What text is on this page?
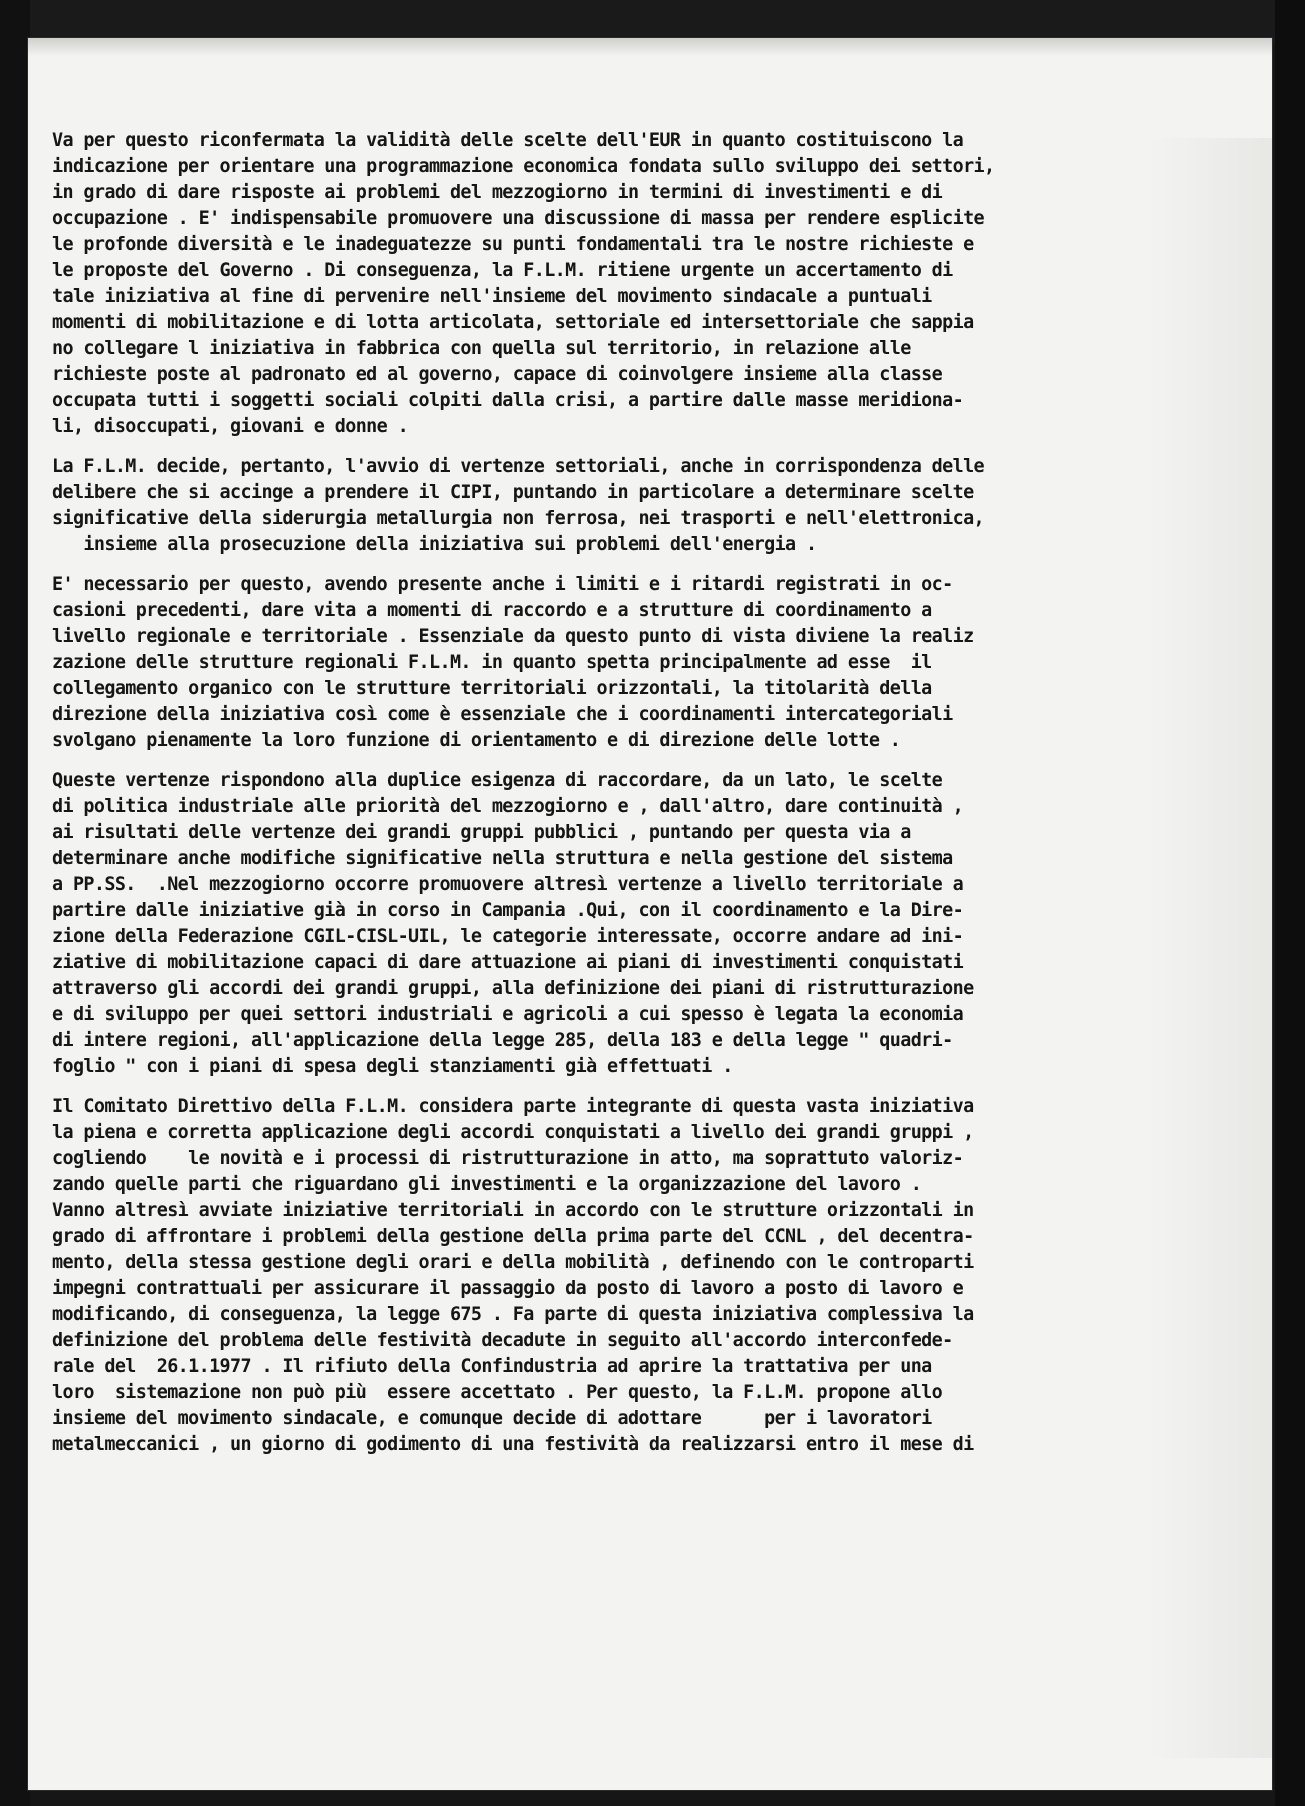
Va per questo riconfermata la validità delle scelte dell'EUR in quanto costituiscono la
indicazione per orientare una programmazione economica fondata sullo sviluppo dei settori,
in grado di dare risposte ai problemi del mezzogiorno in termini di investimenti e di
occupazione . E' indispensabile promuovere una discussione di massa per rendere esplicite
le profonde diversità e le inadeguatezze su punti fondamentali tra le nostre richieste e
le proposte del Governo . Di conseguenza, la F.L.M. ritiene urgente un accertamento di
tale iniziativa al fine di pervenire nell'insieme del movimento sindacale a puntuali
momenti di mobilitazione e di lotta articolata, settoriale ed intersettoriale che sappia
no collegare l iniziativa in fabbrica con quella sul territorio, in relazione alle
richieste poste al padronato ed al governo, capace di coinvolgere insieme alla classe
occupata tutti i soggetti sociali colpiti dalla crisi, a partire dalle masse meridiona-
li, disoccupati, giovani e donne .
La F.L.M. decide, pertanto, l'avvio di vertenze settoriali, anche in corrispondenza delle
delibere che si accinge a prendere il CIPI, puntando in particolare a determinare scelte
significative della siderurgia metallurgia non ferrosa, nei trasporti e nell'elettronica,
insieme alla prosecuzione della iniziativa sui problemi dell'energia .
E' necessario per questo, avendo presente anche i limiti e i ritardi registrati in oc-
casioni precedenti, dare vita a momenti di raccordo e a strutture di coordinamento a
livello regionale e territoriale . Essenziale da questo punto di vista diviene la realiz
zazione delle strutture regionali F.L.M. in quanto spetta principalmente ad esse  il
collegamento organico con le strutture territoriali orizzontali, la titolarità della
direzione della iniziativa così come è essenziale che i coordinamenti intercategoriali
svolgano pienamente la loro funzione di orientamento e di direzione delle lotte .
Queste vertenze rispondono alla duplice esigenza di raccordare, da un lato, le scelte
di politica industriale alle priorità del mezzogiorno e , dall'altro, dare continuità ,
ai risultati delle vertenze dei grandi gruppi pubblici , puntando per questa via a
determinare anche modifiche significative nella struttura e nella gestione del sistema
a PP.SS.  .Nel mezzogiorno occorre promuovere altresì vertenze a livello territoriale a
partire dalle iniziative già in corso in Campania .Qui, con il coordinamento e la Dire-
zione della Federazione CGIL-CISL-UIL, le categorie interessate, occorre andare ad ini-
ziative di mobilitazione capaci di dare attuazione ai piani di investimenti conquistati
attraverso gli accordi dei grandi gruppi, alla definizione dei piani di ristrutturazione
e di sviluppo per quei settori industriali e agricoli a cui spesso è legata la economia
di intere regioni, all'applicazione della legge 285, della 183 e della legge " quadri-
foglio " con i piani di spesa degli stanziamenti già effettuati .
Il Comitato Direttivo della F.L.M. considera parte integrante di questa vasta iniziativa
la piena e corretta applicazione degli accordi conquistati a livello dei grandi gruppi ,
cogliendo    le novità e i processi di ristrutturazione in atto, ma soprattuto valoriz-
zando quelle parti che riguardano gli investimenti e la organizzazione del lavoro .
Vanno altresì avviate iniziative territoriali in accordo con le strutture orizzontali in
grado di affrontare i problemi della gestione della prima parte del CCNL , del decentra-
mento, della stessa gestione degli orari e della mobilità , definendo con le controparti
impegni contrattuali per assicurare il passaggio da posto di lavoro a posto di lavoro e
modificando, di conseguenza, la legge 675 . Fa parte di questa iniziativa complessiva la
definizione del problema delle festività decadute in seguito all'accordo interconfede-
rale del  26.1.1977 . Il rifiuto della Confindustria ad aprire la trattativa per una
loro  sistemazione non può più  essere accettato . Per questo, la F.L.M. propone allo
insieme del movimento sindacale, e comunque decide di adottare      per i lavoratori
metalmeccanici , un giorno di godimento di una festività da realizzarsi entro il mese di
